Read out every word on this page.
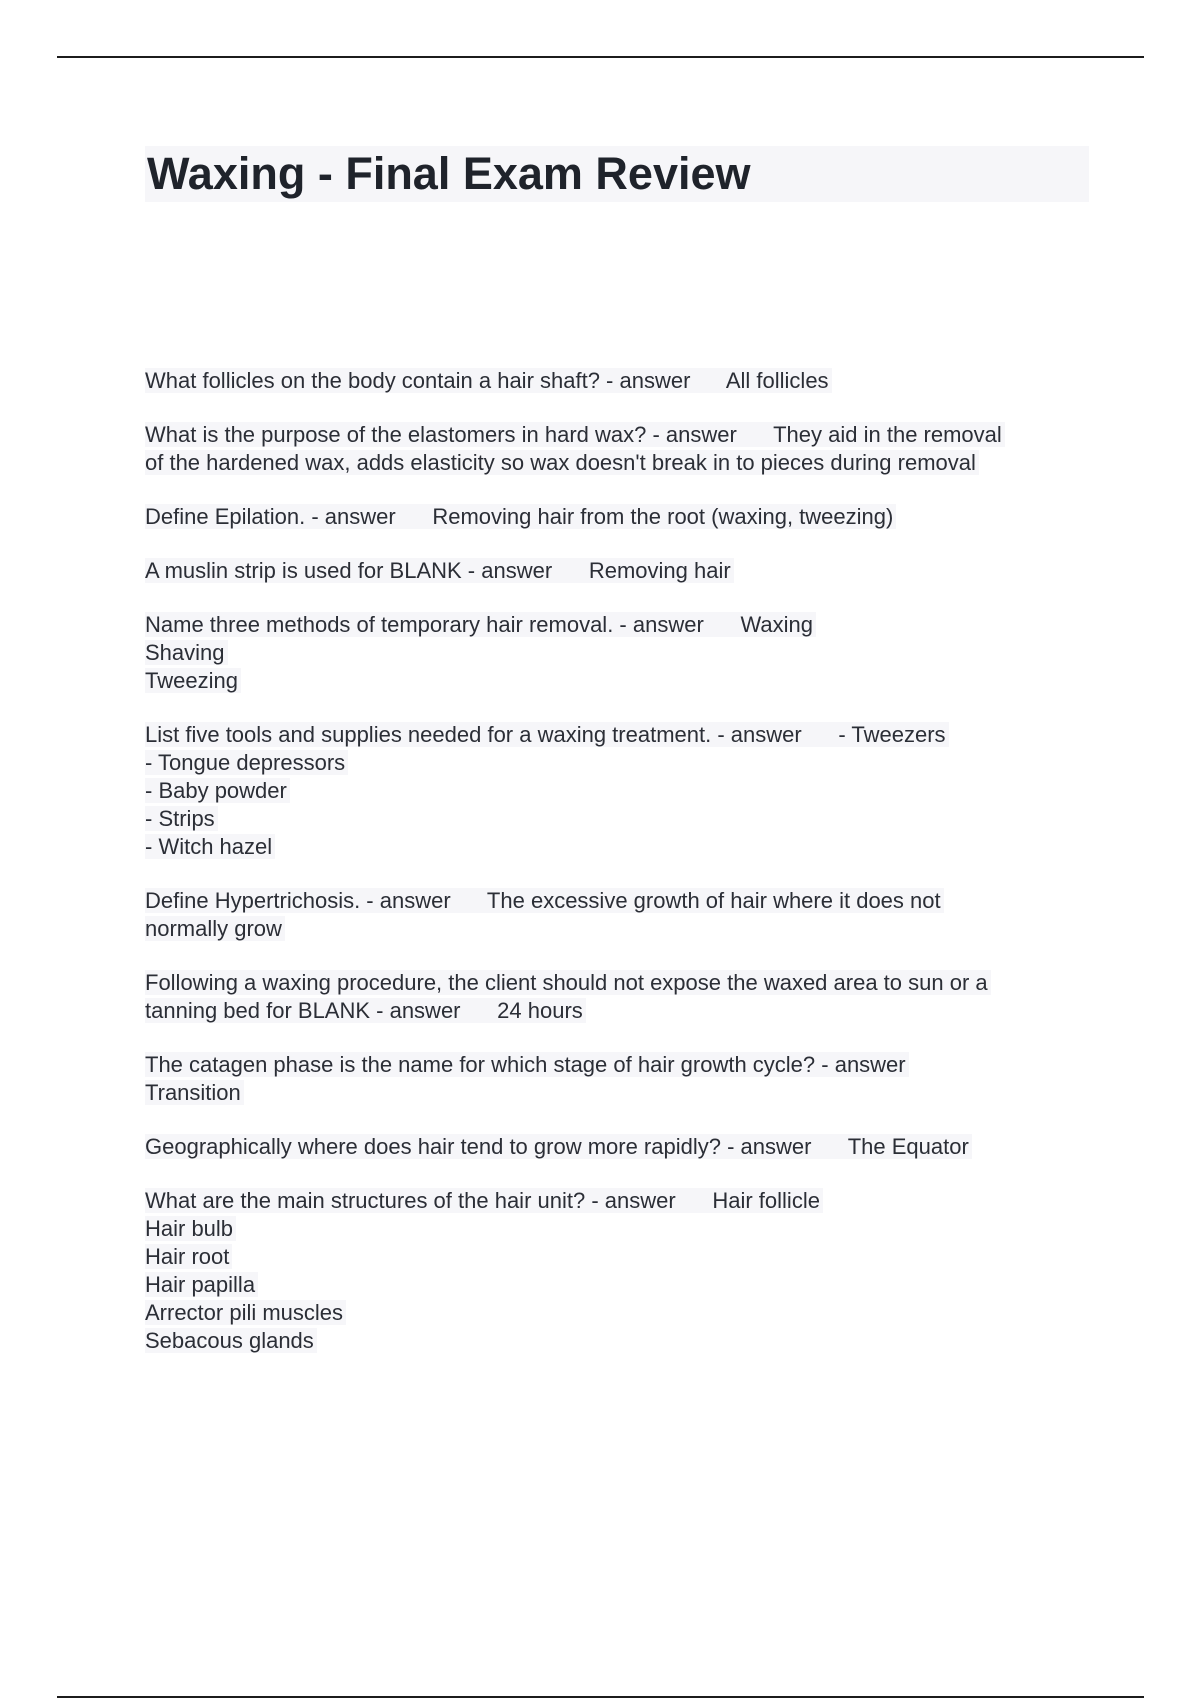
Waxing - Final Exam Review
What follicles on the body contain a hair shaft? - answer      All follicles
What is the purpose of the elastomers in hard wax? - answer      They aid in the removal
of the hardened wax, adds elasticity so wax doesn't break in to pieces during removal
Define Epilation. - answer      Removing hair from the root (waxing, tweezing)
A muslin strip is used for BLANK - answer      Removing hair
Name three methods of temporary hair removal. - answer      Waxing
Shaving
Tweezing
List five tools and supplies needed for a waxing treatment. - answer      - Tweezers
- Tongue depressors
- Baby powder
- Strips
- Witch hazel
Define Hypertrichosis. - answer      The excessive growth of hair where it does not
normally grow
Following a waxing procedure, the client should not expose the waxed area to sun or a
tanning bed for BLANK - answer      24 hours
The catagen phase is the name for which stage of hair growth cycle? - answer
Transition
Geographically where does hair tend to grow more rapidly? - answer      The Equator
What are the main structures of the hair unit? - answer      Hair follicle
Hair bulb
Hair root
Hair papilla
Arrector pili muscles
Sebacous glands
